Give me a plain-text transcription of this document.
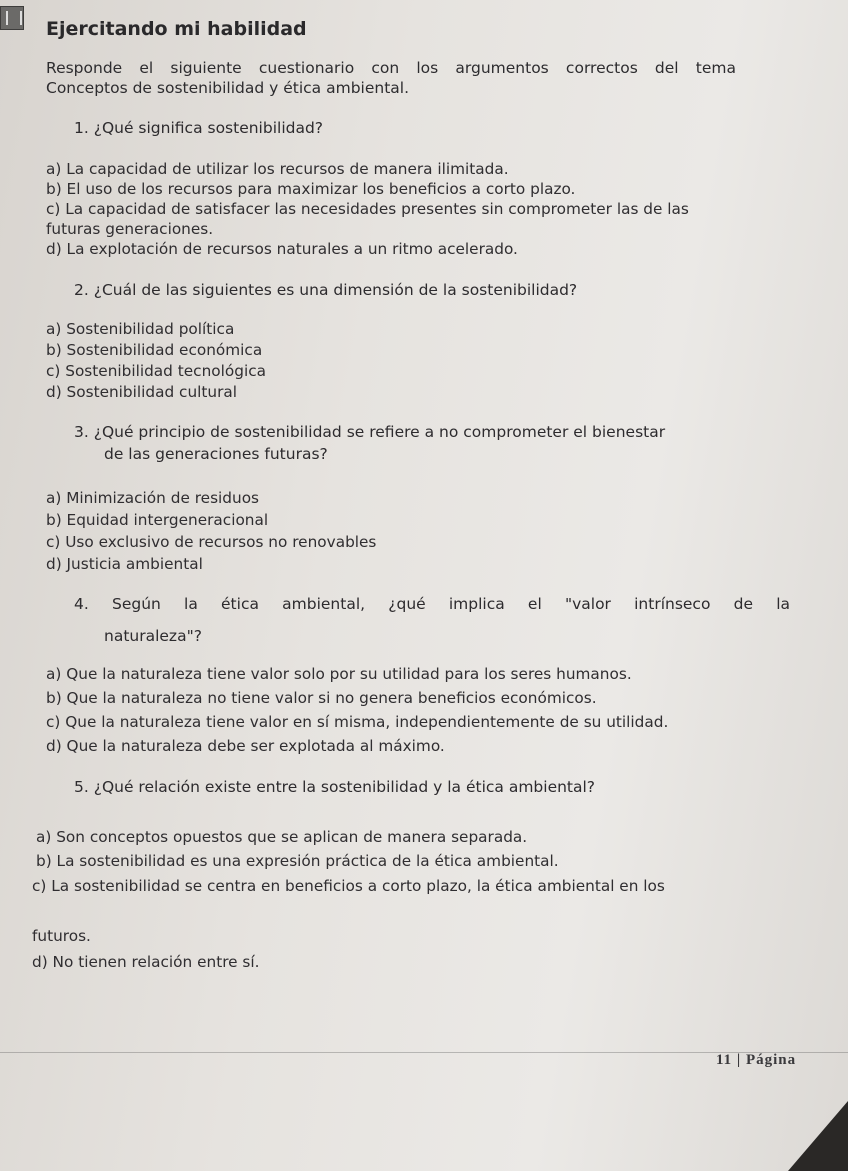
Ejercitando mi habilidad
Responde el siguiente cuestionario con los argumentos correctos del tema
Conceptos de sostenibilidad y ética ambiental.
1. ¿Qué significa sostenibilidad?
a) La capacidad de utilizar los recursos de manera ilimitada.
b) El uso de los recursos para maximizar los beneficios a corto plazo.
c) La capacidad de satisfacer las necesidades presentes sin comprometer las de las
futuras generaciones.
d) La explotación de recursos naturales a un ritmo acelerado.
2. ¿Cuál de las siguientes es una dimensión de la sostenibilidad?
a) Sostenibilidad política
b) Sostenibilidad económica
c) Sostenibilidad tecnológica
d) Sostenibilidad cultural
3. ¿Qué principio de sostenibilidad se refiere a no comprometer el bienestar
de las generaciones futuras?
a) Minimización de residuos
b) Equidad intergeneracional
c) Uso exclusivo de recursos no renovables
d) Justicia ambiental
4. Según la ética ambiental, ¿qué implica el "valor intrínseco de la
naturaleza"?
a) Que la naturaleza tiene valor solo por su utilidad para los seres humanos.
b) Que la naturaleza no tiene valor si no genera beneficios económicos.
c) Que la naturaleza tiene valor en sí misma, independientemente de su utilidad.
d) Que la naturaleza debe ser explotada al máximo.
5. ¿Qué relación existe entre la sostenibilidad y la ética ambiental?
a) Son conceptos opuestos que se aplican de manera separada.
b) La sostenibilidad es una expresión práctica de la ética ambiental.
c) La sostenibilidad se centra en beneficios a corto plazo, la ética ambiental en los
futuros.
d) No tienen relación entre sí.
11 | Página
